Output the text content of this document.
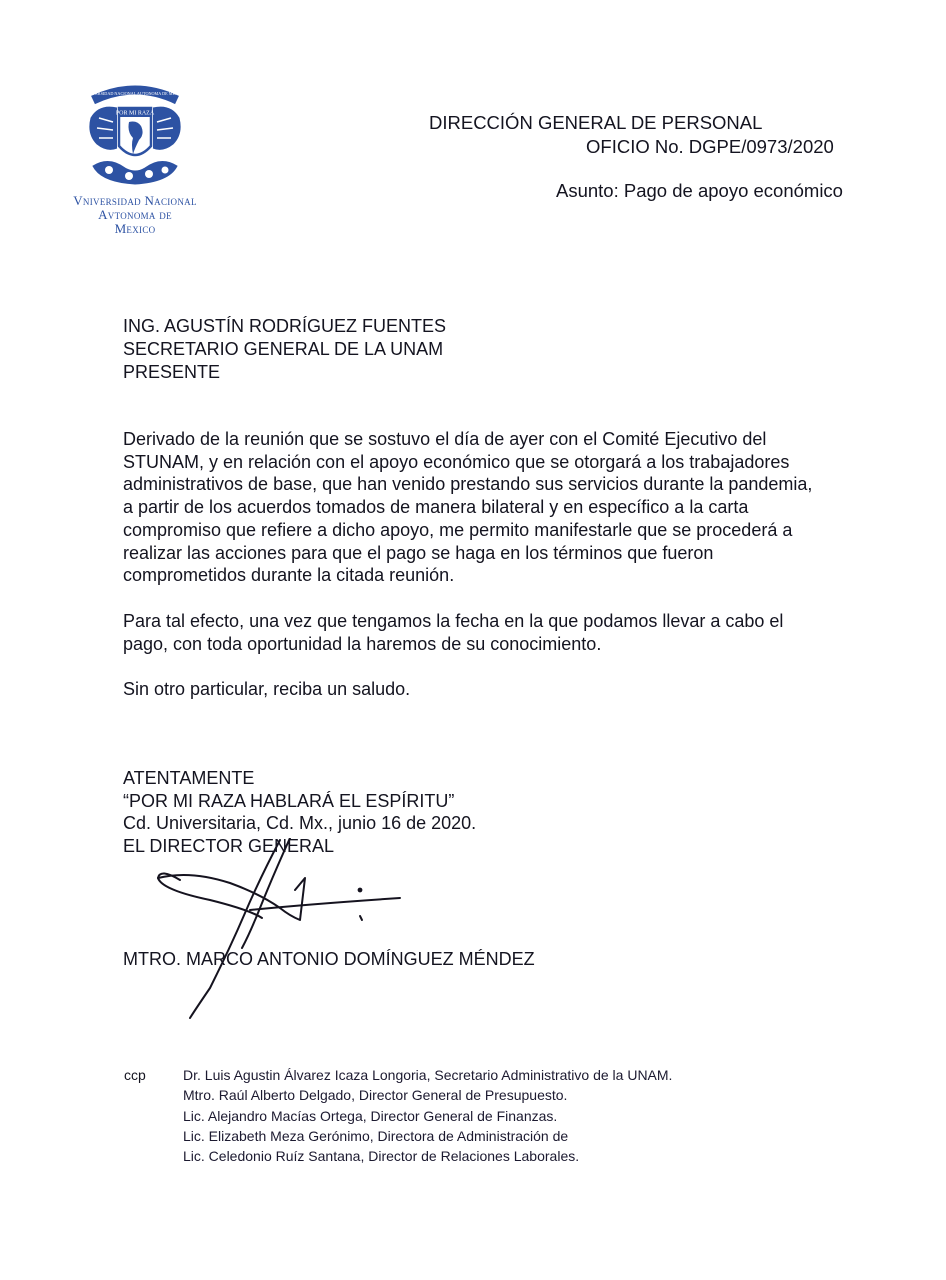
POR MI RAZA
UNIVERSIDAD NACIONAL AUTONOMA DE MEXICO
Vniversidad Nacional
Avtonoma de
Mexico
DIRECCIÓN GENERAL DE PERSONAL
OFICIO No. DGPE/0973/2020
Asunto: Pago de apoyo económico
ING. AGUSTÍN RODRÍGUEZ FUENTES
SECRETARIO GENERAL DE LA UNAM
PRESENTE
Derivado de la reunión que se sostuvo el día de ayer con el Comité Ejecutivo del
STUNAM, y en relación con el apoyo económico que se otorgará a los trabajadores
administrativos de base, que han venido prestando sus servicios durante la pandemia,
a partir de los acuerdos tomados de manera bilateral y en específico a la carta
compromiso que refiere a dicho apoyo, me permito manifestarle que se procederá a
realizar las acciones para que el pago se haga en los términos que fueron
comprometidos durante la citada reunión.
Para tal efecto, una vez que tengamos la fecha en la que podamos llevar a cabo el
pago, con toda oportunidad la haremos de su conocimiento.
Sin otro particular, reciba un saludo.
ATENTAMENTE
“POR MI RAZA HABLARÁ EL ESPÍRITU”
Cd. Universitaria, Cd. Mx., junio 16 de 2020.
EL DIRECTOR GENERAL
MTRO. MARCO ANTONIO DOMÍNGUEZ MÉNDEZ
ccp	Dr. Luis Agustin Álvarez Icaza Longoria, Secretario Administrativo de la UNAM.
Mtro. Raúl Alberto Delgado, Director General de Presupuesto.
Lic. Alejandro Macías Ortega, Director General de Finanzas.
Lic. Elizabeth Meza Gerónimo, Directora de Administración de
Lic. Celedonio Ruíz Santana, Director de Relaciones Laborales.
